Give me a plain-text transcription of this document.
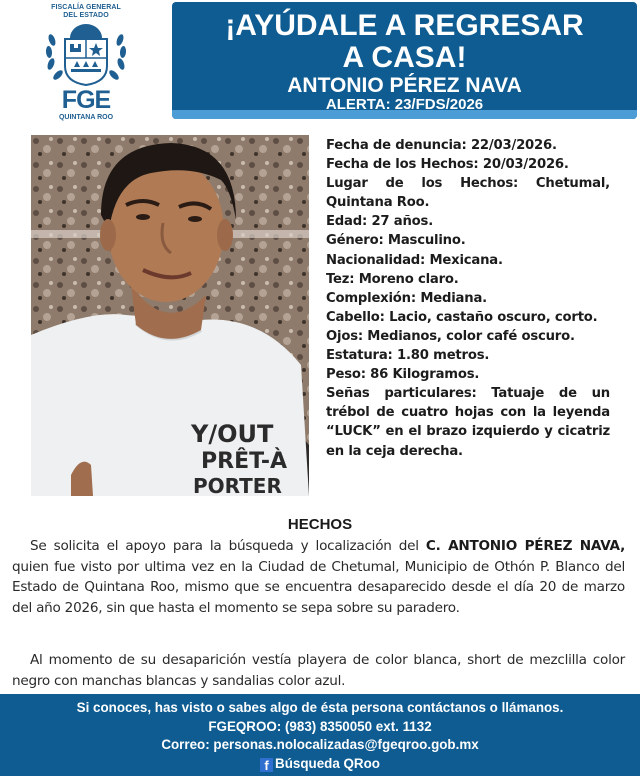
FISCALÍA GENERAL
DEL ESTADO
FGE
QUINTANA ROO
¡AYÚDALE A REGRESAR
A CASA!
ANTONIO PÉREZ NAVA
ALERTA: 23/FDS/2026
Y/OUT
PRÊT-À
PORTER
Fecha de denuncia: 22/03/2026.
Fecha de los Hechos: 20/03/2026.
Lugar de los Hechos: Chetumal, Quintana Roo.
Edad: 27 años.
Género: Masculino.
Nacionalidad: Mexicana.
Tez: Moreno claro.
Complexión: Mediana.
Cabello: Lacio, castaño oscuro, corto.
Ojos: Medianos, color café oscuro.
Estatura: 1.80 metros.
Peso: 86 Kilogramos.
Señas particulares: Tatuaje de un trébol de cuatro hojas con la leyenda “LUCK” en el brazo izquierdo y cicatriz en la ceja derecha.
HECHOS
Se solicita el apoyo para la búsqueda y localización del C. ANTONIO PÉREZ NAVA, quien fue visto por ultima vez en la Ciudad de Chetumal, Municipio de Othón P. Blanco del Estado de Quintana Roo, mismo que se encuentra desaparecido desde el día 20 de marzo del año 2026, sin que hasta el momento se sepa sobre su paradero.
Al momento de su desaparición vestía playera de color blanca, short de mezclilla color negro con manchas blancas y sandalias color azul.
Si conoces, has visto o sabes algo de ésta persona contáctanos o llámanos.
FGEQROO: (983) 8350050 ext. 1132
Correo: personas.nolocalizadas@fgeqroo.gob.mx
f Búsqueda QRoo
